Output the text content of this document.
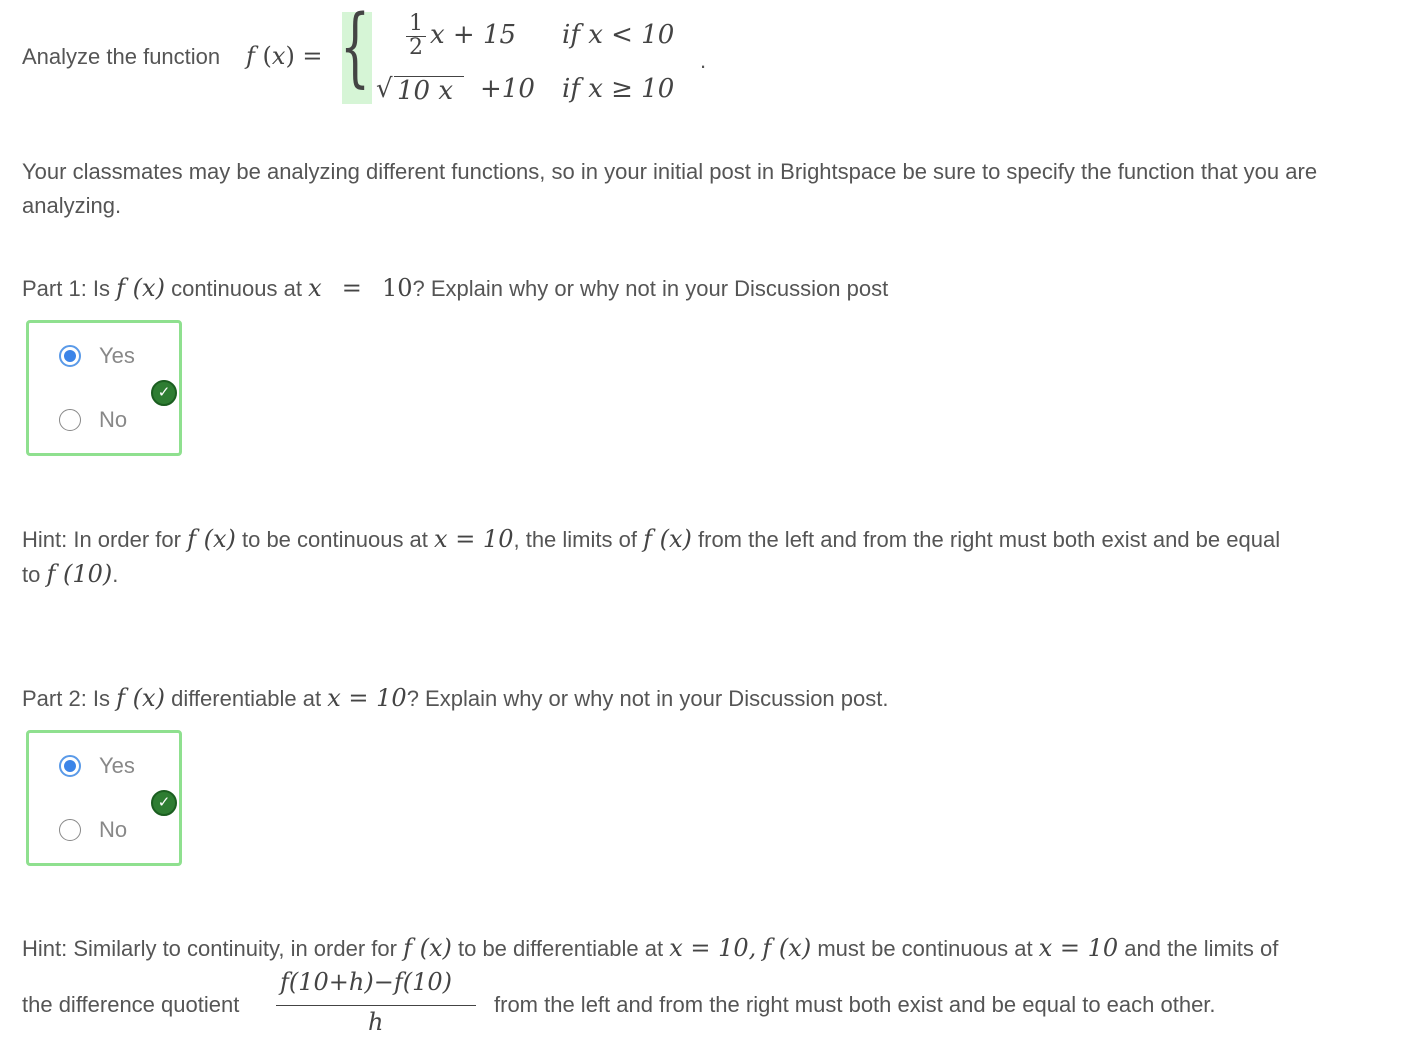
Analyze the function f (x) = { $\frac{1}{2}$ x + 15 if x < 10
√ 10 x +10 if x ≥ 10
.
Your classmates may be analyzing different functions, so in your initial post in Brightspace be sure to specify the function that you are analyzing.
Part 1: Is f (x) continuous at x = 10? Explain why or why not in your Discussion post
Yes
✓
No
Hint: In order for f (x) to be continuous at x = 10, the limits of f (x) from the left and from the right must both exist and be equal
to f (10).
Part 2: Is f (x) differentiable at x = 10? Explain why or why not in your Discussion post.
Yes
✓
No
Hint: Similarly to continuity, in order for f (x) to be differentiable at x = 10, f (x) must be continuous at x = 10 and the limits of
the difference quotient
f(10+h)−f(10)
h
from the left and from the right must both exist and be equal to each other.
